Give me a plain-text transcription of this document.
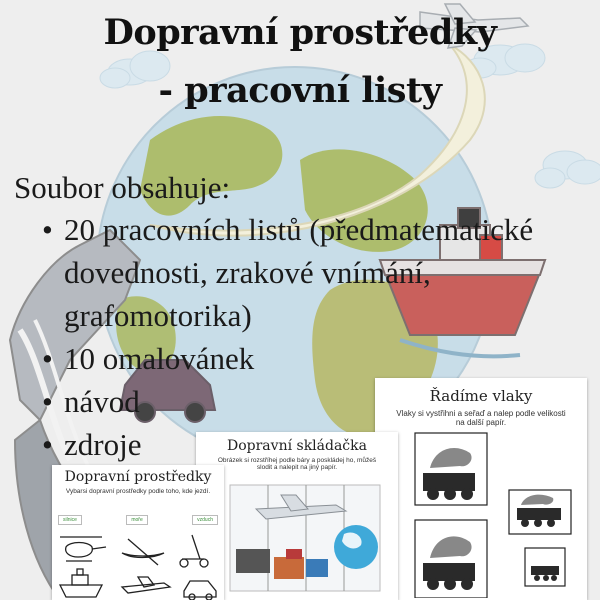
Dopravní prostředky
- pracovní listy
Soubor obsahuje:
• 20 pracovních listů (předmatematické dovednosti, zrakové vnímání, grafomotorika)
• 10 omalovánek
• návod
• zdroje
Řadíme vlaky

Vlaky si vystřihni a seřaď a nalep podle velikosti na další papír.

Dopravní skládačka

Obrázek si rozstříhej podle báry a poskládej ho, můžeš slodit a nalepit na jiný papír.

Dopravní prostředky

Vybarsi dopravní prostředky podle toho, kde jezdí.

silnice	moře	vzduch
